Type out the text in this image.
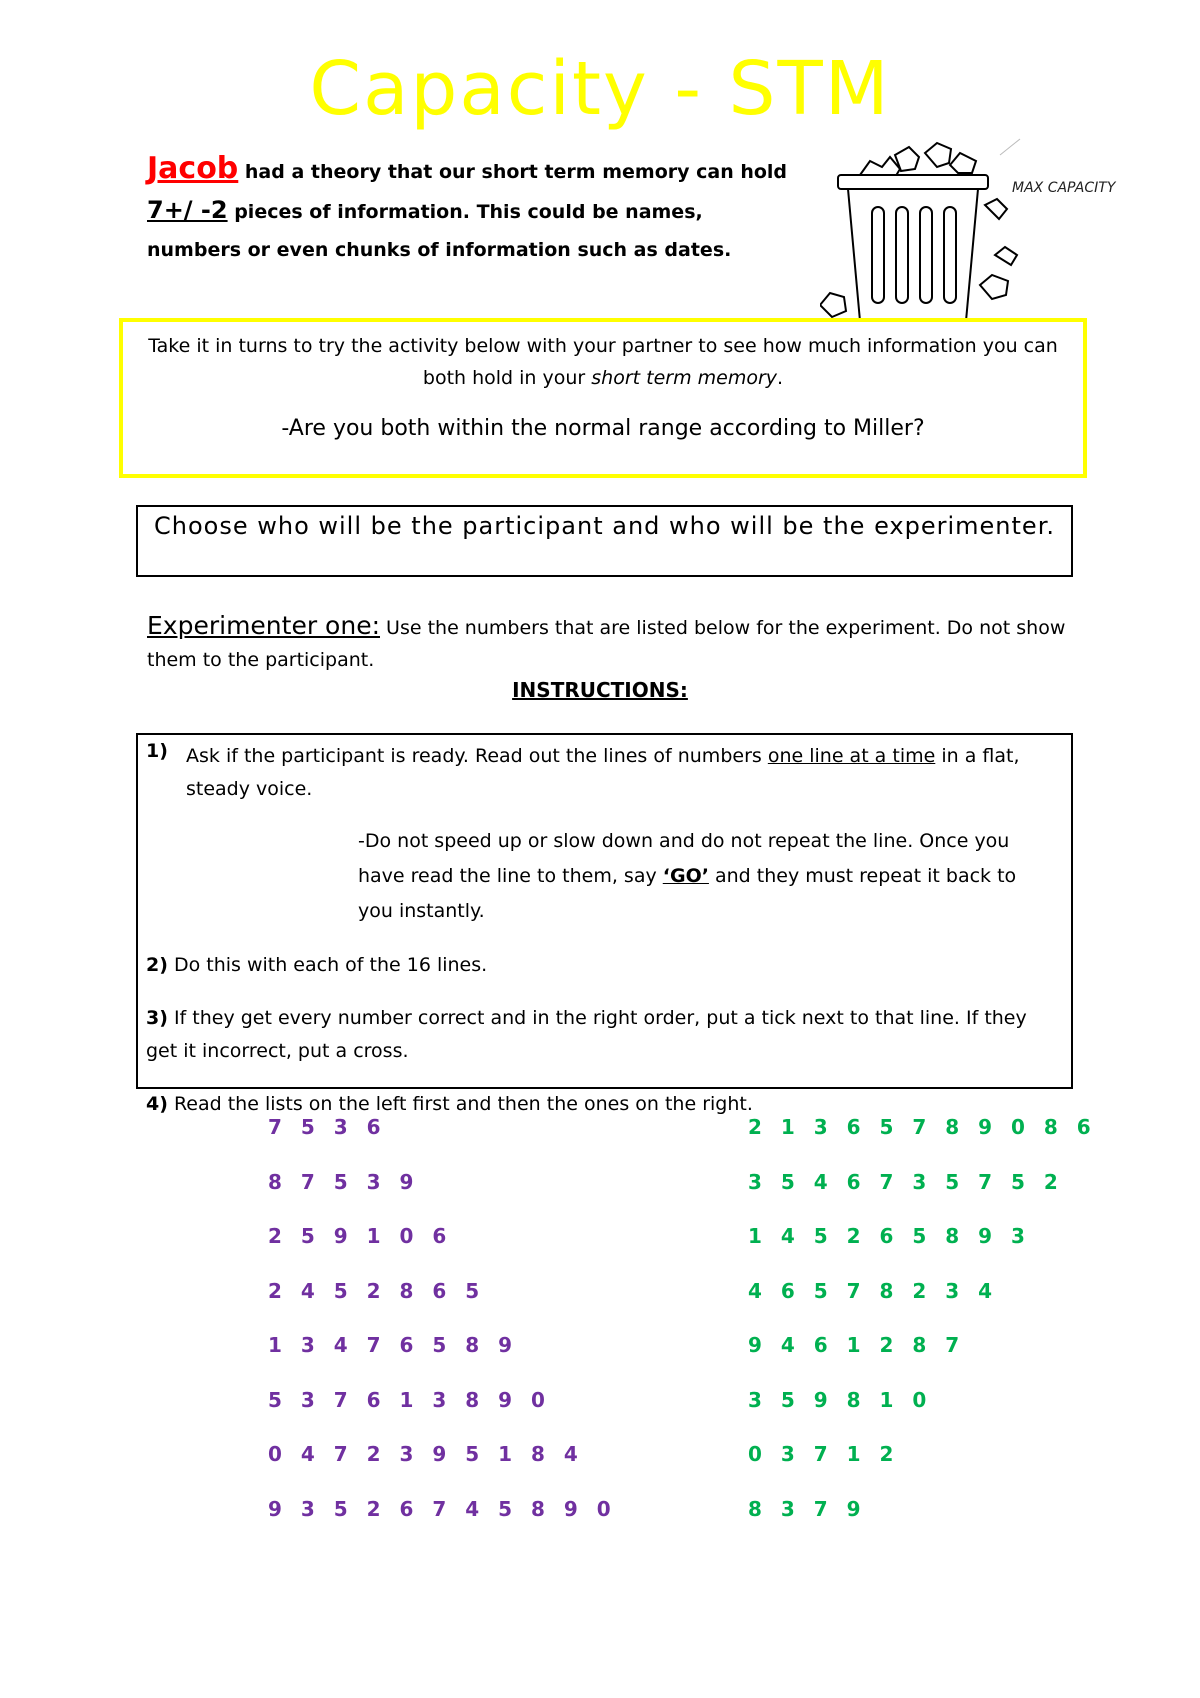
Capacity - STM
Jacob had a theory that our short term memory can hold
7+/ -2 pieces of information. This could be names,
numbers or even chunks of information such as dates.
MAX CAPACITY
Take it in turns to try the activity below with your partner to see how much information you can both hold in your short term memory.
-Are you both within the normal range according to Miller?
Choose who will be the participant and who will be the experimenter.
Experimenter one: Use the numbers that are listed below for the experiment. Do not show them to the participant.
INSTRUCTIONS:
1) Ask if the participant is ready. Read out the lines of numbers one line at a time in a flat, steady voice.

-Do not speed up or slow down and do not repeat the line. Once you have read the line to them, say ‘GO’ and they must repeat it back to you instantly.

2) Do this with each of the 16 lines.

3) If they get every number correct and in the right order, put a tick next to that line. If they get it incorrect, put a cross.

4) Read the lists on the left first and then the ones on the right.

7 5 3 6
8 7 5 3 9
2 5 9 1 0 6
2 4 5 2 8 6 5
1 3 4 7 6 5 8 9
5 3 7 6 1 3 8 9 0
0 4 7 2 3 9 5 1 8 4
9 3 5 2 6 7 4 5 8 9 0
2 1 3 6 5 7 8 9 0 8 6
3 5 4 6 7 3 5 7 5 2
1 4 5 2 6 5 8 9 3
4 6 5 7 8 2 3 4
9 4 6 1 2 8 7
3 5 9 8 1 0
0 3 7 1 2
8 3 7 9
